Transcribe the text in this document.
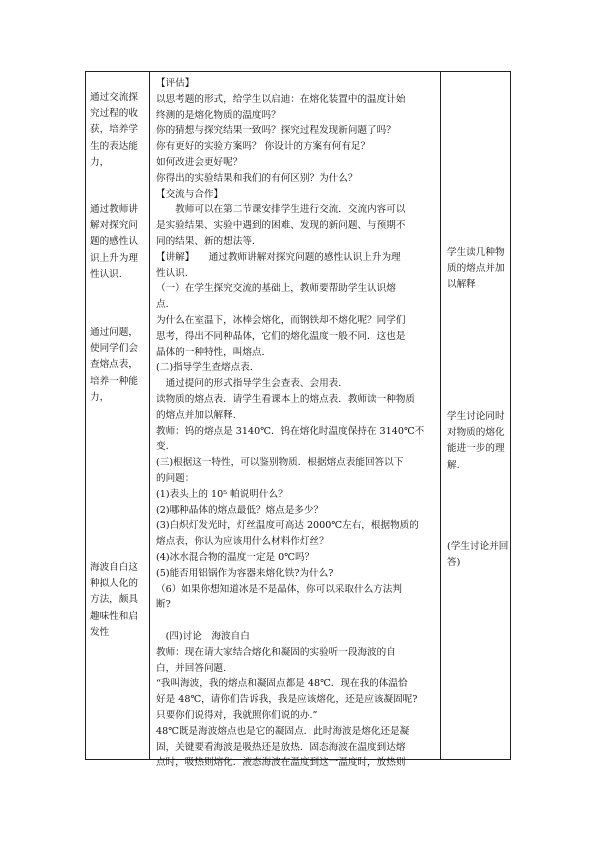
通过交流探究过程的收获，培养学生的表达能力，
通过教师讲解对探究问题的感性认识上升为理性认识.
通过问题，使同学们会查熔点表，培养一种能力，
海波自白这种拟人化的方法，颇具趣味性和启发性
【评估】
以思考题的形式，给学生以启迪：在熔化装置中的温度计始
终测的是熔化物质的温度吗？
你的猜想与探究结果一致吗？探究过程发现新问题了吗？
你有更好的实验方案吗？ 你设计的方案有何有足？
如何改进会更好呢？
你得出的实验结果和我们的有何区别？为什么？
【交流与合作】
　　教师可以在第二节课安排学生进行交流．交流内容可以
是实验结果、实验中遇到的困难、发现的新问题、与预期不
同的结果、新的想法等.
【讲解】　　通过教师讲解对探究问题的感性认识上升为理
性认识.
（一）在学生探究交流的基础上，教师要帮助学生认识熔
点．
为什么在室温下，冰棒会熔化，而钢铁却不熔化呢？同学们
思考，得出不同种晶体，它们的熔化温度一般不同．这也是
晶体的一种特性，叫熔点.
(二)指导学生查熔点表.
　通过提问的形式指导学生会查表、会用表.
读物质的熔点表．请学生看课本上的熔点表．教师读一种物质
的熔点并加以解释.
教师：钨的熔点是 3140℃．钨在熔化时温度保持在 3140℃不
变.
(三)根据这一特性，可以鉴别物质．根据熔点表能回答以下
的问题：
(1)表头上的 10⁵ 帕说明什么？
(2)哪种晶体的熔点最低？熔点是多少？
(3)白炽灯发光时，灯丝温度可高达 2000℃左右，根据物质的
熔点表，你认为应该用什么材料作灯丝？
(4)冰水混合物的温度一定是 0℃吗？
(5)能否用铝锅作为容器来熔化铁?为什么?
（6）如果你想知道冰是不是晶体，你可以采取什么方法判
断?
　(四)讨论　海波自白
教师：现在请大家结合熔化和凝固的实验听一段海波的自
白，并回答问题.
“我叫海波，我的熔点和凝固点都是 48℃．现在我的体温恰
好是 48℃，请你们告诉我，我是应该熔化，还是应该凝固呢?
只要你们说得对，我就照你们说的办.”
48℃既是海波熔点也是它的凝固点．此时海波是熔化还是凝
固，关键要看海波是吸热还是放热．固态海波在温度到达熔
点时，吸热则熔化．液态海波在温度到这一温度时，放热则
学生读几种物质的熔点并加以解释
学生讨论同时对物质的熔化能进一步的理解.
(学生讨论并回答)
